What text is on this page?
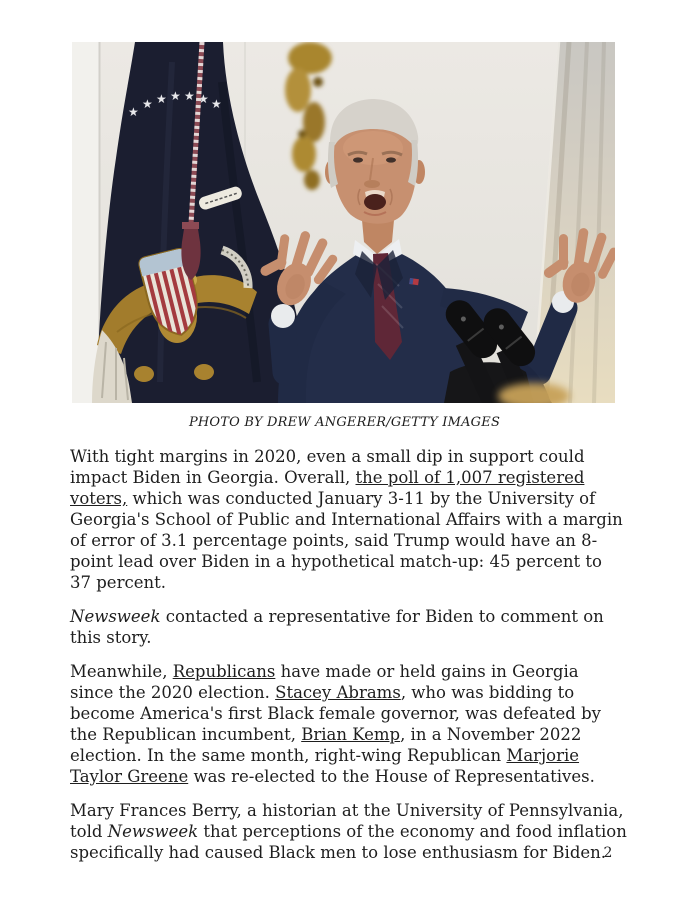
★
★ ★ ★ ★ ★ ★
PHOTO BY DREW ANGERER/GETTY IMAGES

With tight margins in 2020, even a small dip in support could impact Biden in Georgia. Overall, the poll of 1,007 registered voters, which was conducted January 3-11 by the University of Georgia's School of Public and International Affairs with a margin of error of 3.1 percentage points, said Trump would have an 8-point lead over Biden in a hypothetical match-up: 45 percent to 37 percent.

Newsweek contacted a representative for Biden to comment on this story.

Meanwhile, Republicans have made or held gains in Georgia since the 2020 election. Stacey Abrams, who was bidding to become America's first Black female governor, was defeated by the Republican incumbent, Brian Kemp, in a November 2022 election. In the same month, right-wing Republican Marjorie Taylor Greene was re-elected to the House of Representatives.

Mary Frances Berry, a historian at the University of Pennsylvania, told Newsweek that perceptions of the economy and food inflation specifically had caused Black men to lose enthusiasm for Biden.

2
